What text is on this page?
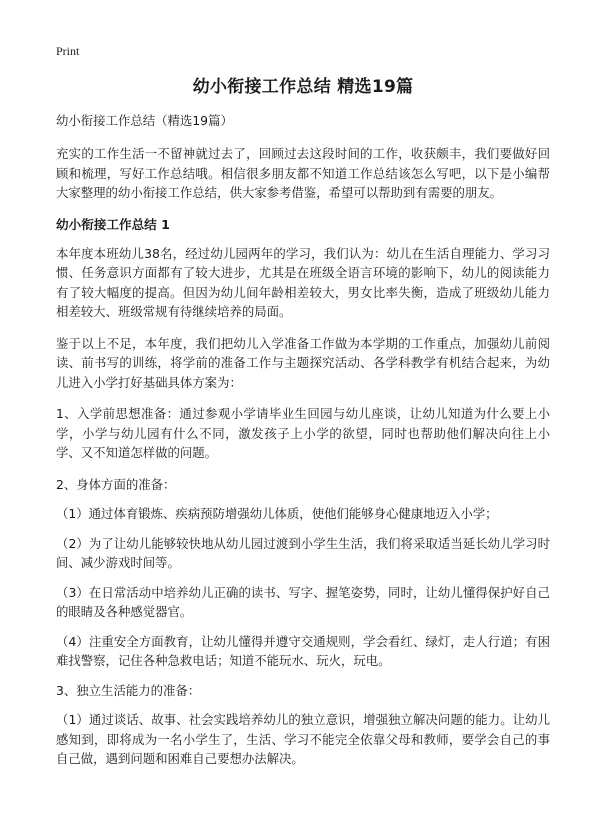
Print
幼小衔接工作总结 精选19篇
幼小衔接工作总结（精选19篇）

充实的工作生活一不留神就过去了，回顾过去这段时间的工作，收获颇丰，我们要做好回顾和梳理，写好工作总结哦。相信很多朋友都不知道工作总结该怎么写吧，以下是小编帮大家整理的幼小衔接工作总结，供大家参考借鉴，希望可以帮助到有需要的朋友。

幼小衔接工作总结 1

本年度本班幼儿38名，经过幼儿园两年的学习，我们认为：幼儿在生活自理能力、学习习惯、任务意识方面都有了较大进步，尤其是在班级全语言环境的影响下，幼儿的阅读能力有了较大幅度的提高。但因为幼儿间年龄相差较大，男女比率失衡，造成了班级幼儿能力相差较大、班级常规有待继续培养的局面。

鉴于以上不足，本年度，我们把幼儿入学准备工作做为本学期的工作重点，加强幼儿前阅读、前书写的训练，将学前的准备工作与主题探究活动、各学科教学有机结合起来，为幼儿进入小学打好基础具体方案为：

1、入学前思想准备：通过参观小学请毕业生回园与幼儿座谈，让幼儿知道为什么要上小学，小学与幼儿园有什么不同，激发孩子上小学的欲望，同时也帮助他们解决向往上小学、又不知道怎样做的问题。

2、身体方面的准备：

（1）通过体育锻炼、疾病预防增强幼儿体质，使他们能够身心健康地迈入小学；

（2）为了让幼儿能够较快地从幼儿园过渡到小学生生活，我们将采取适当延长幼儿学习时间、减少游戏时间等。

（3）在日常活动中培养幼儿正确的读书、写字、握笔姿势，同时，让幼儿懂得保护好自己的眼睛及各种感觉器官。

（4）注重安全方面教育，让幼儿懂得并遵守交通规则，学会看红、绿灯，走人行道；有困难找警察，记住各种急救电话；知道不能玩水、玩火，玩电。

3、独立生活能力的准备：

（1）通过谈话、故事、社会实践培养幼儿的独立意识，增强独立解决问题的能力。让幼儿感知到，即将成为一名小学生了，生活、学习不能完全依靠父母和教师，要学会自己的事自己做，遇到问题和困难自己要想办法解决。
